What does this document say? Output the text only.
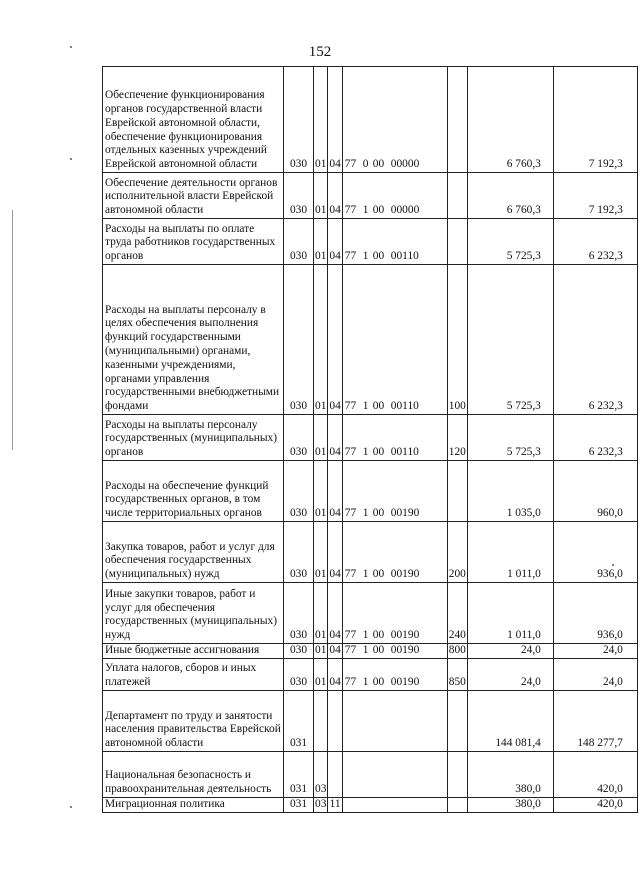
152
Обеспечение функционирования органов государственной власти Еврейской автономной области, обеспечение функционирования отдельных казенных учреждений Еврейской автономной области	030	01	04	77 0 00 00000		6 760,3	7 192,3
Обеспечение деятельности органов исполнительной власти Еврейской автономной области	030	01	04	77 1 00 00000		6 760,3	7 192,3
Расходы на выплаты по оплате труда работников государственных органов	030	01	04	77 1 00 00110		5 725,3	6 232,3
Расходы на выплаты персоналу в целях обеспечения выполнения функций государственными (муниципальными) органами, казенными учреждениями, органами управления государственными внебюджетными фондами	030	01	04	77 1 00 00110	100	5 725,3	6 232,3
Расходы на выплаты персоналу государственных (муниципальных) органов	030	01	04	77 1 00 00110	120	5 725,3	6 232,3
Расходы на обеспечение функций государственных органов, в том числе территориальных органов	030	01	04	77 1 00 00190		1 035,0	960,0
Закупка товаров, работ и услуг для обеспечения государственных (муниципальных) нужд	030	01	04	77 1 00 00190	200	1 011,0	936,0
Иные закупки товаров, работ и услуг для обеспечения государственных (муниципальных) нужд	030	01	04	77 1 00 00190	240	1 011,0	936,0
Иные бюджетные ассигнования	030	01	04	77 1 00 00190	800	24,0	24,0
Уплата налогов, сборов и иных платежей	030	01	04	77 1 00 00190	850	24,0	24,0
Департамент по труду и занятости населения правительства Еврейской автономной области	031					144 081,4	148 277,7
Национальная безопасность и правоохранительная деятельность	031	03				380,0	420,0
Миграционная политика	031	03	11			380,0	420,0
